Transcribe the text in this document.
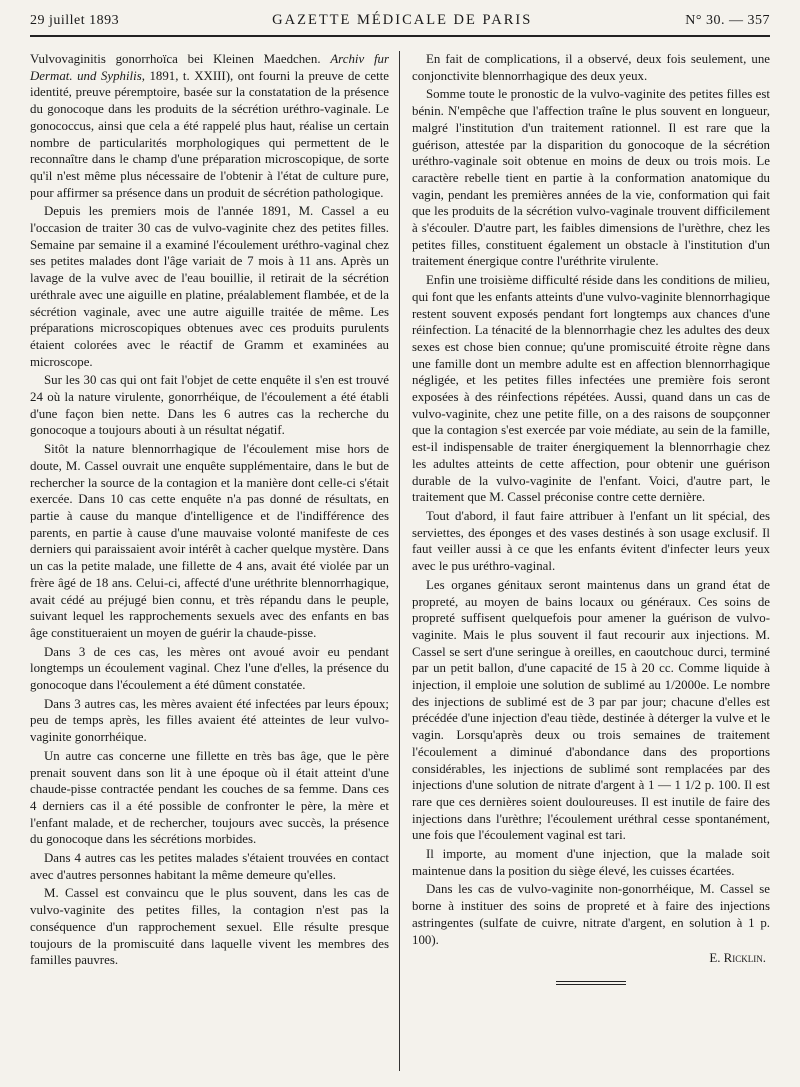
29 juillet 1893	GAZETTE MÉDICALE DE PARIS	N° 30. — 357

Vulvovaginitis gonorrhoïca bei Kleinen Maedchen. Archiv fur Dermat. und Syphilis, 1891, t. XXIII), ont fourni la preuve de cette identité, preuve péremptoire, basée sur la constatation de la présence du gonocoque dans les produits de la sécrétion uréthro-vaginale. Le gonococcus, ainsi que cela a été rappelé plus haut, réalise un certain nombre de particularités morphologiques qui permettent de le reconnaître dans le champ d'une préparation microscopique, de sorte qu'il n'est même plus nécessaire de l'obtenir à l'état de culture pure, pour affirmer sa présence dans un produit de sécrétion pathologique.

Depuis les premiers mois de l'année 1891, M. Cassel a eu l'occasion de traiter 30 cas de vulvo-vaginite chez des petites filles. Semaine par semaine il a examiné l'écoulement uréthro-vaginal chez ses petites malades dont l'âge variait de 7 mois à 11 ans. Après un lavage de la vulve avec de l'eau bouillie, il retirait de la sécrétion uréthrale avec une aiguille en platine, préalablement flambée, et de la sécrétion vaginale, avec une autre aiguille traitée de même. Les préparations microscopiques obtenues avec ces produits purulents étaient colorées avec le réactif de Gramm et examinées au microscope.

Sur les 30 cas qui ont fait l'objet de cette enquête il s'en est trouvé 24 où la nature virulente, gonorrhéique, de l'écoulement a été établi d'une façon bien nette. Dans les 6 autres cas la recherche du gonocoque a toujours abouti à un résultat négatif.

Sitôt la nature blennorrhagique de l'écoulement mise hors de doute, M. Cassel ouvrait une enquête supplémentaire, dans le but de rechercher la source de la contagion et la manière dont celle-ci s'était exercée. Dans 10 cas cette enquête n'a pas donné de résultats, en partie à cause du manque d'intelligence et de l'indifférence des parents, en partie à cause d'une mauvaise volonté manifeste de ces derniers qui paraissaient avoir intérêt à cacher quelque mystère. Dans un cas la petite malade, une fillette de 4 ans, avait été violée par un frère âgé de 18 ans. Celui-ci, affecté d'une uréthrite blennorrhagique, avait cédé au préjugé bien connu, et très répandu dans le peuple, suivant lequel les rapprochements sexuels avec des enfants en bas âge constitueraient un moyen de guérir la chaude-pisse.

Dans 3 de ces cas, les mères ont avoué avoir eu pendant longtemps un écoulement vaginal. Chez l'une d'elles, la présence du gonocoque dans l'écoulement a été dûment constatée.

Dans 3 autres cas, les mères avaient été infectées par leurs époux; peu de temps après, les filles avaient été atteintes de leur vulvo-vaginite gonorrhéique.

Un autre cas concerne une fillette en très bas âge, que le père prenait souvent dans son lit à une époque où il était atteint d'une chaude-pisse contractée pendant les couches de sa femme. Dans ces 4 derniers cas il a été possible de confronter le père, la mère et l'enfant malade, et de rechercher, toujours avec succès, la présence du gonocoque dans les sécrétions morbides.

Dans 4 autres cas les petites malades s'étaient trouvées en contact avec d'autres personnes habitant la même demeure qu'elles.

M. Cassel est convaincu que le plus souvent, dans les cas de vulvo-vaginite des petites filles, la contagion n'est pas la conséquence d'un rapprochement sexuel. Elle résulte presque toujours de la promiscuité dans laquelle vivent les membres des familles pauvres.

En fait de complications, il a observé, deux fois seulement, une conjonctivite blennorrhagique des deux yeux.

Somme toute le pronostic de la vulvo-vaginite des petites filles est bénin. N'empêche que l'affection traîne le plus souvent en longueur, malgré l'institution d'un traitement rationnel. Il est rare que la guérison, attestée par la disparition du gonocoque de la sécrétion uréthro-vaginale soit obtenue en moins de deux ou trois mois. Le caractère rebelle tient en partie à la conformation anatomique du vagin, pendant les premières années de la vie, conformation qui fait que les produits de la sécrétion vulvo-vaginale trouvent difficilement à s'écouler. D'autre part, les faibles dimensions de l'urèthre, chez les petites filles, constituent également un obstacle à l'institution d'un traitement énergique contre l'uréthrite virulente.

Enfin une troisième difficulté réside dans les conditions de milieu, qui font que les enfants atteints d'une vulvo-vaginite blennorrhagique restent souvent exposés pendant fort longtemps aux chances d'une réinfection. La ténacité de la blennorrhagie chez les adultes des deux sexes est chose bien connue; qu'une promiscuité étroite règne dans une famille dont un membre adulte est en affection blennorrhagique négligée, et les petites filles infectées une première fois seront exposées à des réinfections répétées. Aussi, quand dans un cas de vulvo-vaginite, chez une petite fille, on a des raisons de soupçonner que la contagion s'est exercée par voie médiate, au sein de la famille, est-il indispensable de traiter énergiquement la blennorrhagie chez les adultes atteints de cette affection, pour obtenir une guérison durable de la vulvo-vaginite de l'enfant. Voici, d'autre part, le traitement que M. Cassel préconise contre cette dernière.

Tout d'abord, il faut faire attribuer à l'enfant un lit spécial, des serviettes, des éponges et des vases destinés à son usage exclusif. Il faut veiller aussi à ce que les enfants évitent d'infecter leurs yeux avec le pus uréthro-vaginal.

Les organes génitaux seront maintenus dans un grand état de propreté, au moyen de bains locaux ou généraux. Ces soins de propreté suffisent quelquefois pour amener la guérison de vulvo-vaginite. Mais le plus souvent il faut recourir aux injections. M. Cassel se sert d'une seringue à oreilles, en caoutchouc durci, terminé par un petit ballon, d'une capacité de 15 à 20 cc. Comme liquide à injection, il emploie une solution de sublimé au 1/2000e. Le nombre des injections de sublimé est de 3 par par jour; chacune d'elles est précédée d'une injection d'eau tiède, destinée à déterger la vulve et le vagin. Lorsqu'après deux ou trois semaines de traitement l'écoulement a diminué d'abondance dans des proportions considérables, les injections de sublimé sont remplacées par des injections d'une solution de nitrate d'argent à 1 — 1 1/2 p. 100. Il est rare que ces dernières soient douloureuses. Il est inutile de faire des injections dans l'urèthre; l'écoulement uréthral cesse spontanément, une fois que l'écoulement vaginal est tari.

Il importe, au moment d'une injection, que la malade soit maintenue dans la position du siège élevé, les cuisses écartées.

Dans les cas de vulvo-vaginite non-gonorrhéique, M. Cassel se borne à instituer des soins de propreté et à faire des injections astringentes (sulfate de cuivre, nitrate d'argent, en solution à 1 p. 100).

E. Ricklin.
